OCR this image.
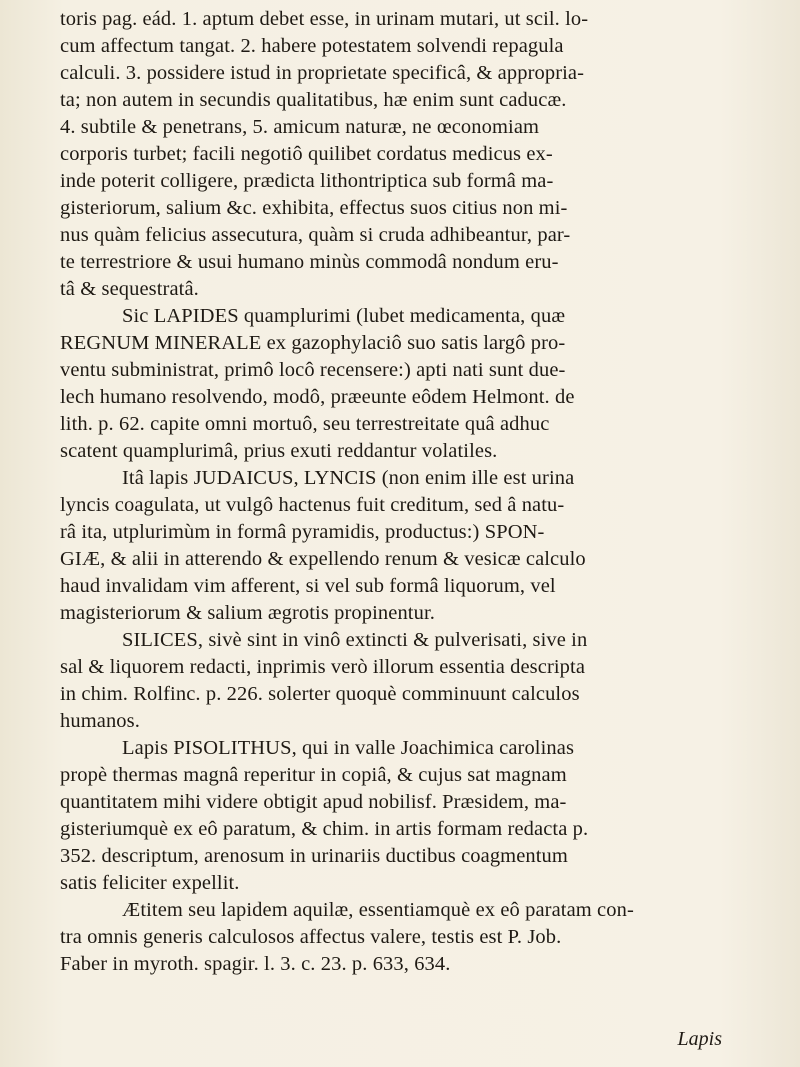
toris pag. eád. 1. aptum debet esse, in urinam mutari, ut scil. lo-
cum affectum tangat. 2. habere potestatem solvendi repagula
calculi. 3. possidere istud in proprietate specificâ, & appropria-
ta; non autem in secundis qualitatibus, hæ enim sunt caducæ.
4. subtile & penetrans, 5. amicum naturæ, ne œconomiam
corporis turbet; facili negotiô quilibet cordatus medicus ex-
inde poterit colligere, prædicta lithontriptica sub formâ ma-
gisteriorum, salium &c. exhibita, effectus suos citius non mi-
nus quàm felicius assecutura, quàm si cruda adhibeantur, par-
te terrestriore & usui humano minùs commodâ nondum eru-
tâ & sequestratâ.
Sic LAPIDES quamplurimi (lubet medicamenta, quæ
REGNUM MINERALE ex gazophylaciô suo satis largô pro-
ventu subministrat, primô locô recensere:) apti nati sunt due-
lech humano resolvendo, modô, præeunte eôdem Helmont. de
lith. p. 62. capite omni mortuô, seu terrestreitate quâ adhuc
scatent quamplurimâ, prius exuti reddantur volatiles.
Itâ lapis JUDAICUS, LYNCIS (non enim ille est urina
lyncis coagulata, ut vulgô hactenus fuit creditum, sed â natu-
râ ita, utplurimùm in formâ pyramidis, productus:) SPON-
GIÆ, & alii in atterendo & expellendo renum & vesicæ calculo
haud invalidam vim afferent, si vel sub formâ liquorum, vel
magisteriorum & salium ægrotis propinentur.
SILICES, sivè sint in vinô extincti & pulverisati, sive in
sal & liquorem redacti, inprimis verò illorum essentia descripta
in chim. Rolfinc. p. 226. solerter quoquè comminuunt calculos
humanos.
Lapis PISOLITHUS, qui in valle Joachimica carolinas
propè thermas magnâ reperitur in copiâ, & cujus sat magnam
quantitatem mihi videre obtigit apud nobilisf. Præsidem, ma-
gisteriumquè ex eô paratum, & chim. in artis formam redacta p.
352. descriptum, arenosum in urinariis ductibus coagmentum
satis feliciter expellit.
Ætitem seu lapidem aquilæ, essentiamquè ex eô paratam con-
tra omnis generis calculosos affectus valere, testis est P. Job.
Faber in myroth. spagir. l. 3. c. 23. p. 633, 634.
Lapis
